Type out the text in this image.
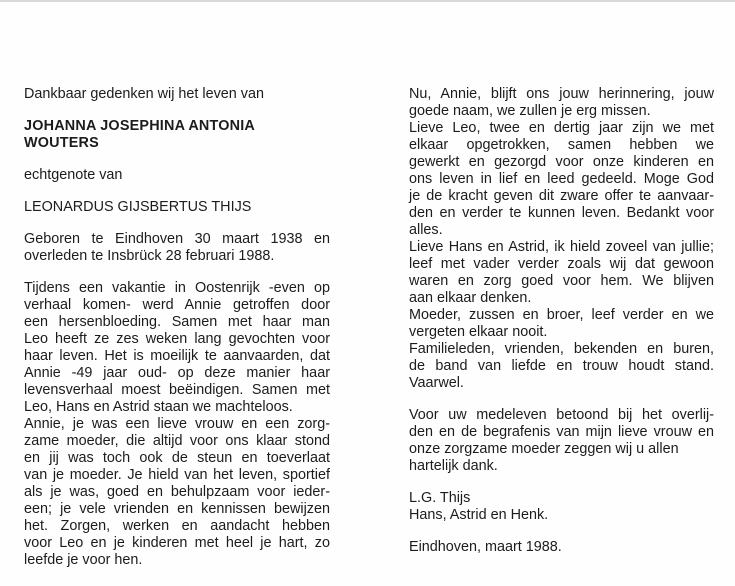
Dankbaar gedenken wij het leven van
JOHANNA JOSEPHINA ANTONIA
WOUTERS
echtgenote van
LEONARDUS GIJSBERTUS THIJS
Geboren te Eindhoven 30 maart 1938 en
overleden te Insbrück 28 februari 1988.
Tijdens een vakantie in Oostenrijk -even op
verhaal komen- werd Annie getroffen door
een hersenbloeding. Samen met haar man
Leo heeft ze zes weken lang gevochten voor
haar leven. Het is moeilijk te aanvaarden, dat
Annie -49 jaar oud- op deze manier haar
levensverhaal moest beëindigen. Samen met
Leo, Hans en Astrid staan we machteloos.
Annie, je was een lieve vrouw en een zorg-
zame moeder, die altijd voor ons klaar stond
en jij was toch ook de steun en toeverlaat
van je moeder. Je hield van het leven, sportief
als je was, goed en behulpzaam voor ieder-
een; je vele vrienden en kennissen bewijzen
het. Zorgen, werken en aandacht hebben
voor Leo en je kinderen met heel je hart, zo
leefde je voor hen.
Nu, Annie, blijft ons jouw herinnering, jouw
goede naam, we zullen je erg missen.
Lieve Leo, twee en dertig jaar zijn we met
elkaar opgetrokken, samen hebben we
gewerkt en gezorgd voor onze kinderen en
ons leven in lief en leed gedeeld. Moge God
je de kracht geven dit zware offer te aanvaar-
den en verder te kunnen leven. Bedankt voor
alles.
Lieve Hans en Astrid, ik hield zoveel van jullie;
leef met vader verder zoals wij dat gewoon
waren en zorg goed voor hem. We blijven
aan elkaar denken.
Moeder, zussen en broer, leef verder en we
vergeten elkaar nooit.
Familieleden, vrienden, bekenden en buren,
de band van liefde en trouw houdt stand.
Vaarwel.
Voor uw medeleven betoond bij het overlij-
den en de begrafenis van mijn lieve vrouw en
onze zorgzame moeder zeggen wij u allen
hartelijk dank.
L.G. Thijs
Hans, Astrid en Henk.
Eindhoven, maart 1988.
